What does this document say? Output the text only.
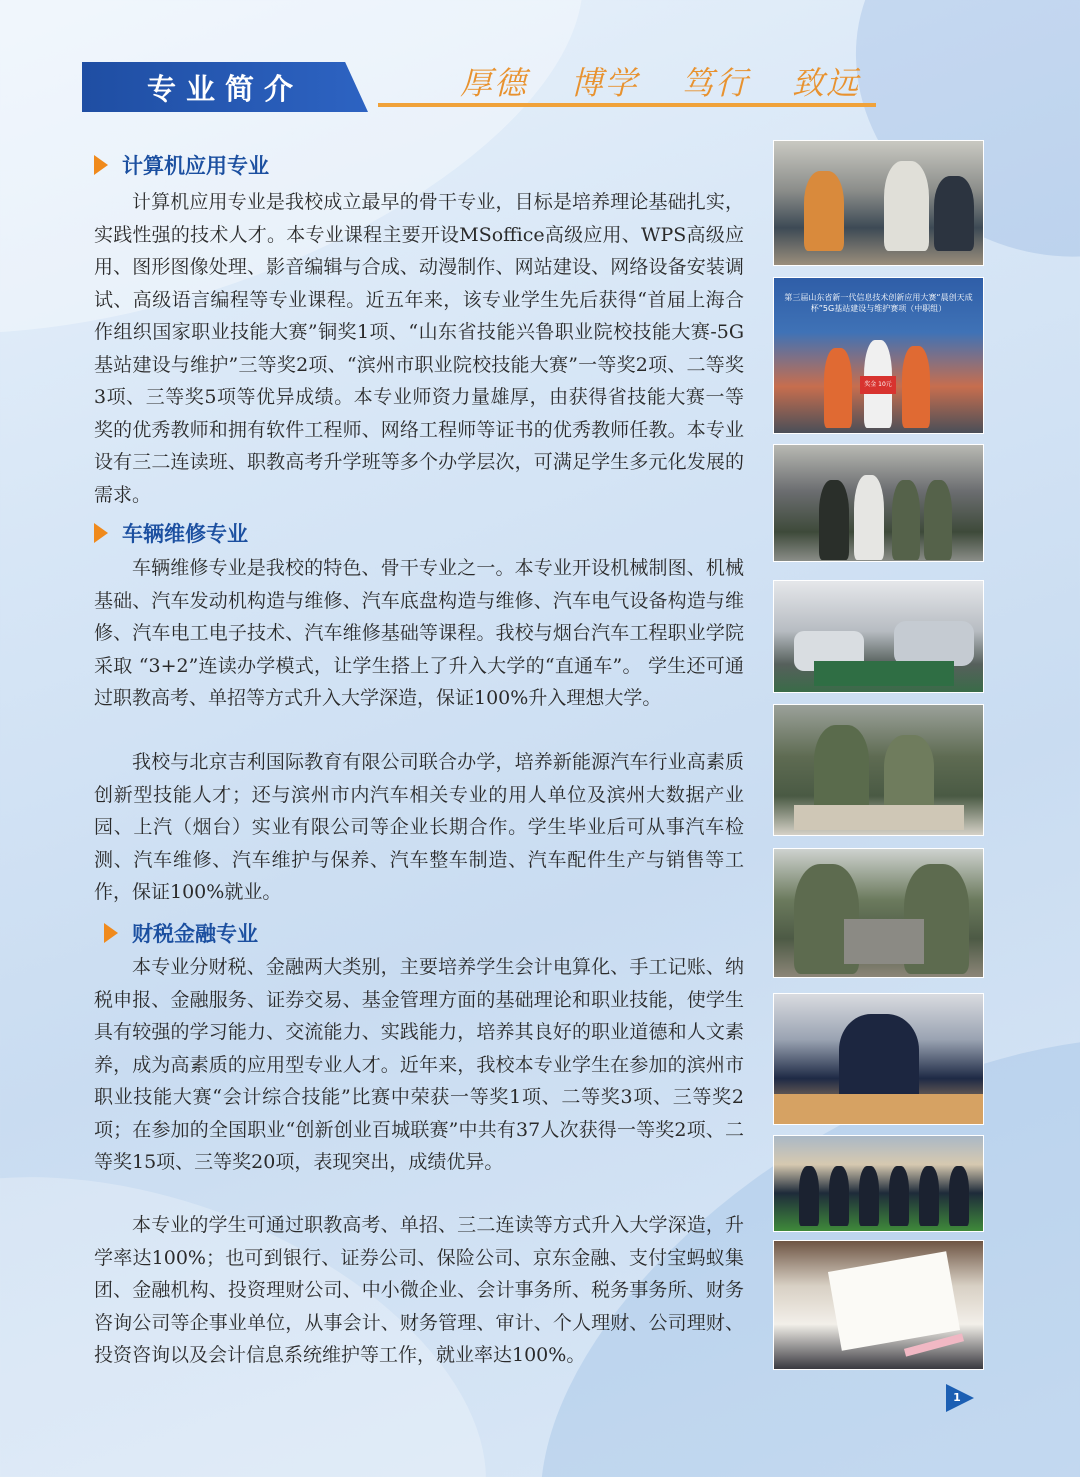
专业简介	厚德 博学 笃行 致远
计算机应用专业

计算机应用专业是我校成立最早的骨干专业，目标是培养理论基础扎实，实践性强的技术人才。本专业课程主要开设MSoffice高级应用、WPS高级应用、图形图像处理、影音编辑与合成、动漫制作、网站建设、网络设备安装调试、高级语言编程等专业课程。近五年来，该专业学生先后获得“首届上海合作组织国家职业技能大赛”铜奖1项、“山东省技能兴鲁职业院校技能大赛-5G基站建设与维护”三等奖2项、“滨州市职业院校技能大赛”一等奖2项、二等奖3项、三等奖5项等优异成绩。本专业师资力量雄厚，由获得省技能大赛一等奖的优秀教师和拥有软件工程师、网络工程师等证书的优秀教师任教。本专业设有三二连读班、职教高考升学班等多个办学层次，可满足学生多元化发展的需求。

车辆维修专业

车辆维修专业是我校的特色、骨干专业之一。本专业开设机械制图、机械基础、汽车发动机构造与维修、汽车底盘构造与维修、汽车电气设备构造与维修、汽车电工电子技术、汽车维修基础等课程。我校与烟台汽车工程职业学院采取 “3+2”连读办学模式，让学生搭上了升入大学的“直通车”。 学生还可通过职教高考、单招等方式升入大学深造，保证100%升入理想大学。

我校与北京吉利国际教育有限公司联合办学，培养新能源汽车行业高素质创新型技能人才；还与滨州市内汽车相关专业的用人单位及滨州大数据产业园、上汽（烟台）实业有限公司等企业长期合作。学生毕业后可从事汽车检测、汽车维修、汽车维护与保养、汽车整车制造、汽车配件生产与销售等工作，保证100%就业。

财税金融专业

本专业分财税、金融两大类别，主要培养学生会计电算化、手工记账、纳税申报、金融服务、证券交易、基金管理方面的基础理论和职业技能，使学生具有较强的学习能力、交流能力、实践能力，培养其良好的职业道德和人文素养，成为高素质的应用型专业人才。近年来，我校本专业学生在参加的滨州市职业技能大赛“会计综合技能”比赛中荣获一等奖1项、二等奖3项、三等奖2项；在参加的全国职业“创新创业百城联赛”中共有37人次获得一等奖2项、二等奖15项、三等奖20项，表现突出，成绩优异。

本专业的学生可通过职教高考、单招、三二连读等方式升入大学深造，升学率达100%；也可到银行、证券公司、保险公司、京东金融、支付宝蚂蚁集团、金融机构、投资理财公司、中小微企业、会计事务所、税务事务所、财务咨询公司等企事业单位，从事会计、财务管理、审计、个人理财、公司理财、投资咨询以及会计信息系统维护等工作，就业率达100%。

第三届山东省新一代信息技术创新应用大赛“晨创天成杯”5G基站建设与维护赛项（中职组）
奖金 10元
1
